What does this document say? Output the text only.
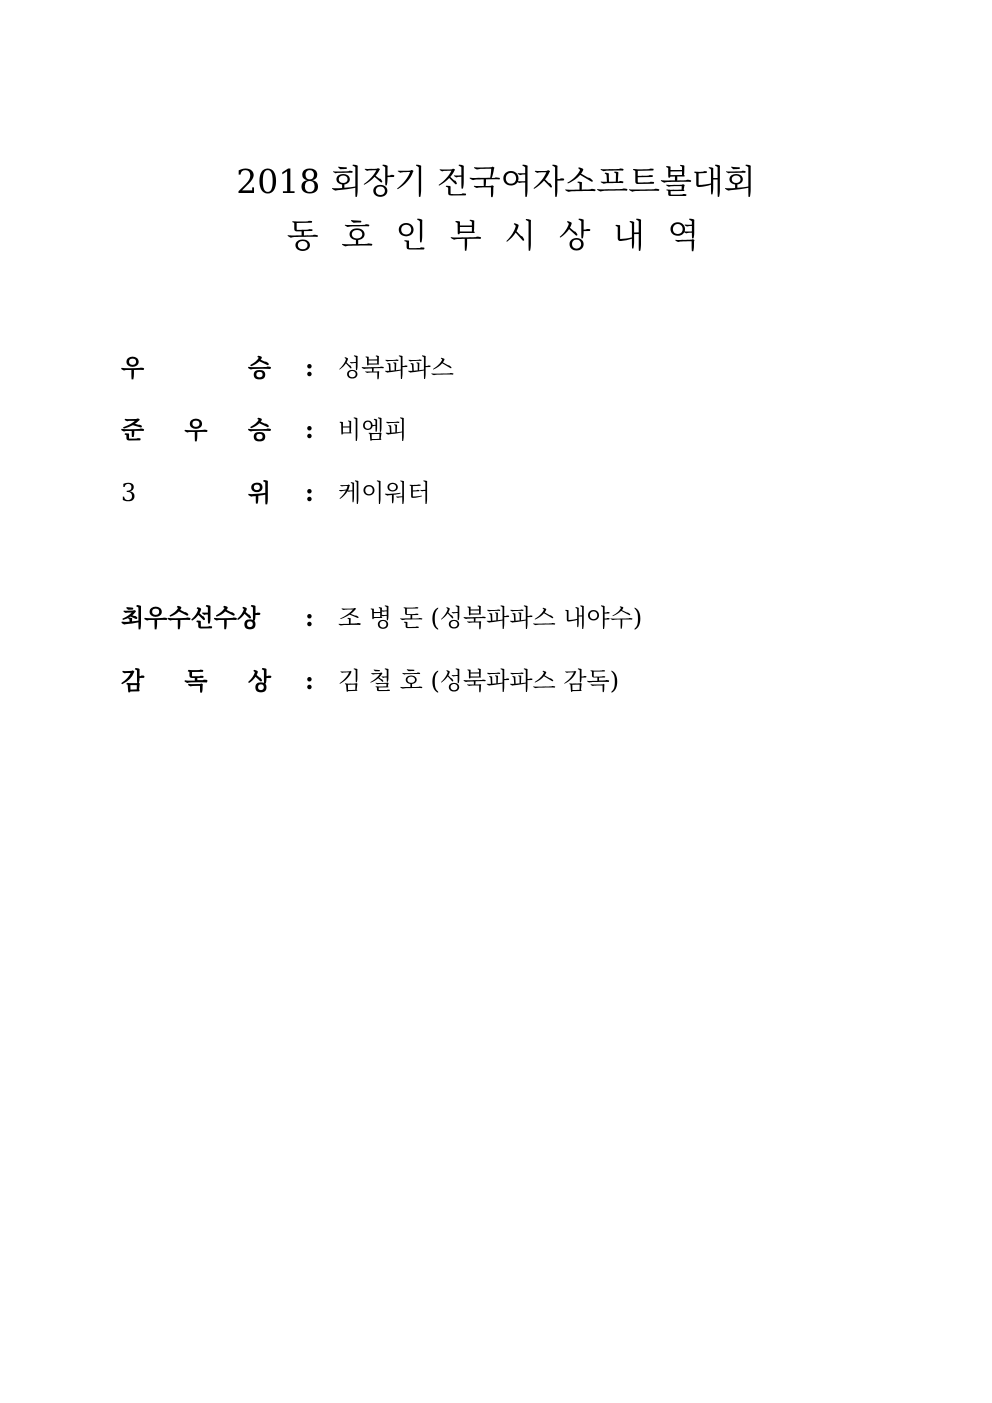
2018 회장기 전국여자소프트볼대회
동 호 인 부 시 상 내 역
우	승 : 성북파파스
준 우 승 : 비엠피
3	위 : 케이워터
최우수선수상 : 조 병 돈 (성북파파스 내야수)
감 독 상 : 김 철 호 (성북파파스 감독)
